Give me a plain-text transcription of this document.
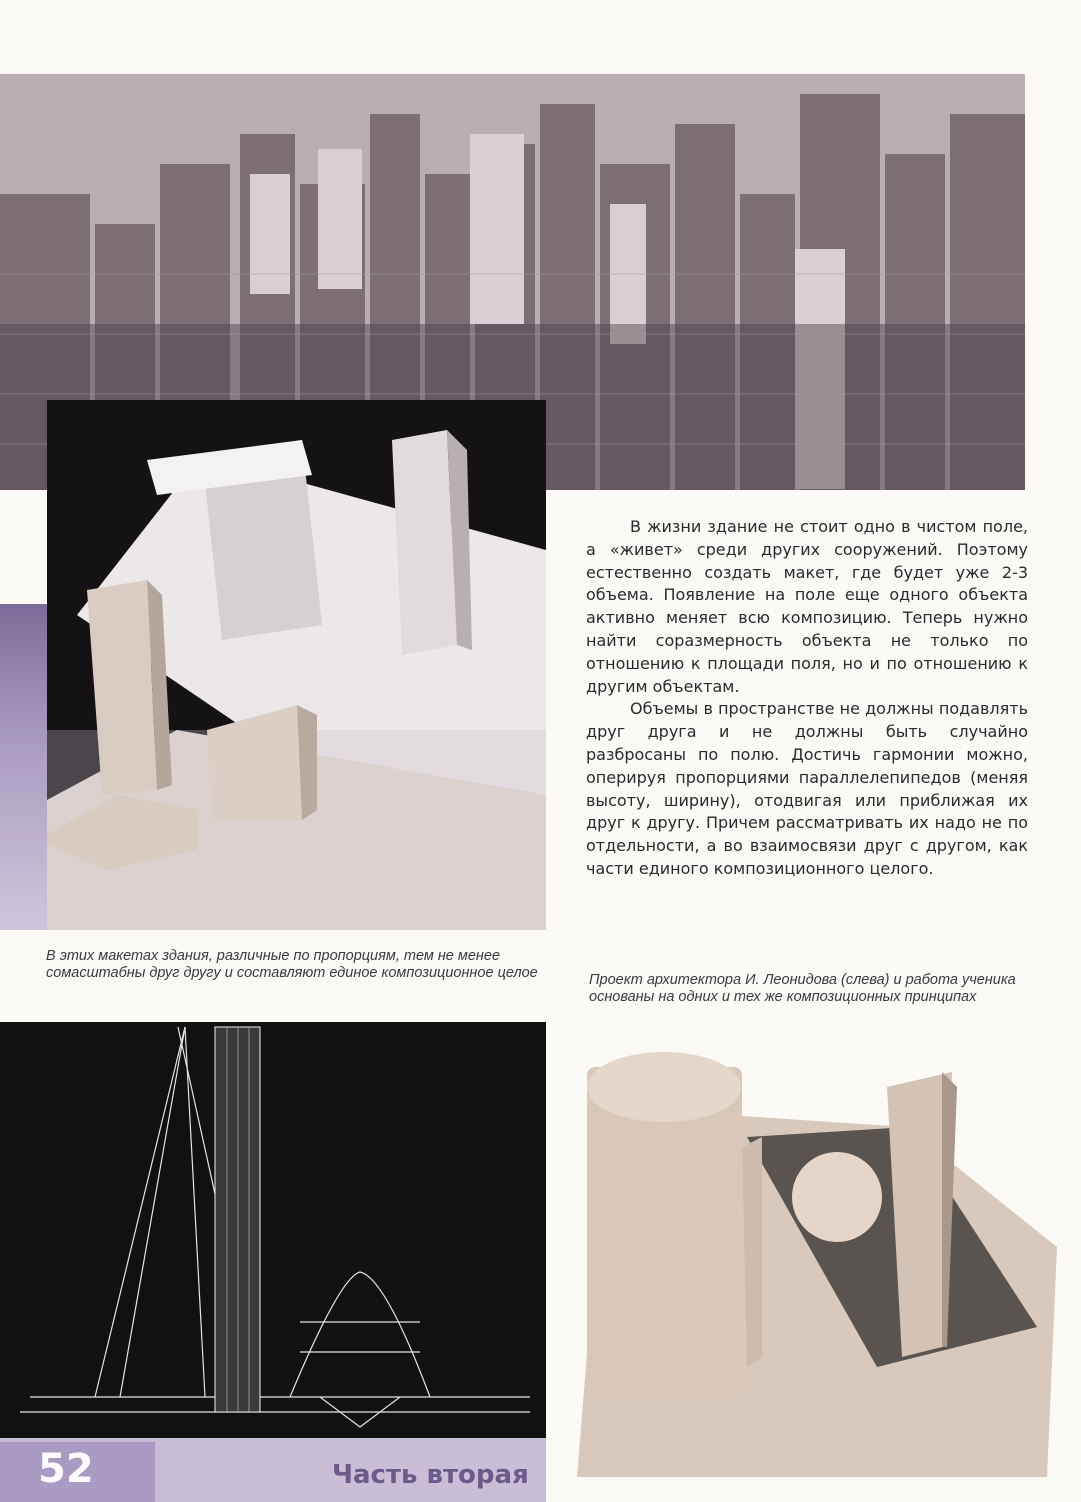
В жизни здание не стоит одно в чистом поле, а «живет» среди других сооружений. Поэтому естественно создать макет, где будет уже 2-3 объема. Появление на поле еще одного объекта активно меняет всю композицию. Теперь нужно найти соразмерность объекта не только по отношению к площади поля, но и по отношению к другим объектам.

Объемы в пространстве не должны подавлять друг друга и не должны быть случайно разбросаны по полю. Достичь гармонии можно, оперируя пропорциями параллелепипедов (меняя высоту, ширину), отодвигая или приближая их друг к другу. Причем рассматривать их надо не по отдельности, а во взаимосвязи друг с другом, как части единого композиционного целого.

В этих макетах здания, различные по пропорциям, тем не менее сомасштабны друг другу и составляют единое композиционное целое	Проект архитектора И. Леонидова (слева) и работа ученика основаны на одних и тех же композиционных принципах
52	Часть вторая
